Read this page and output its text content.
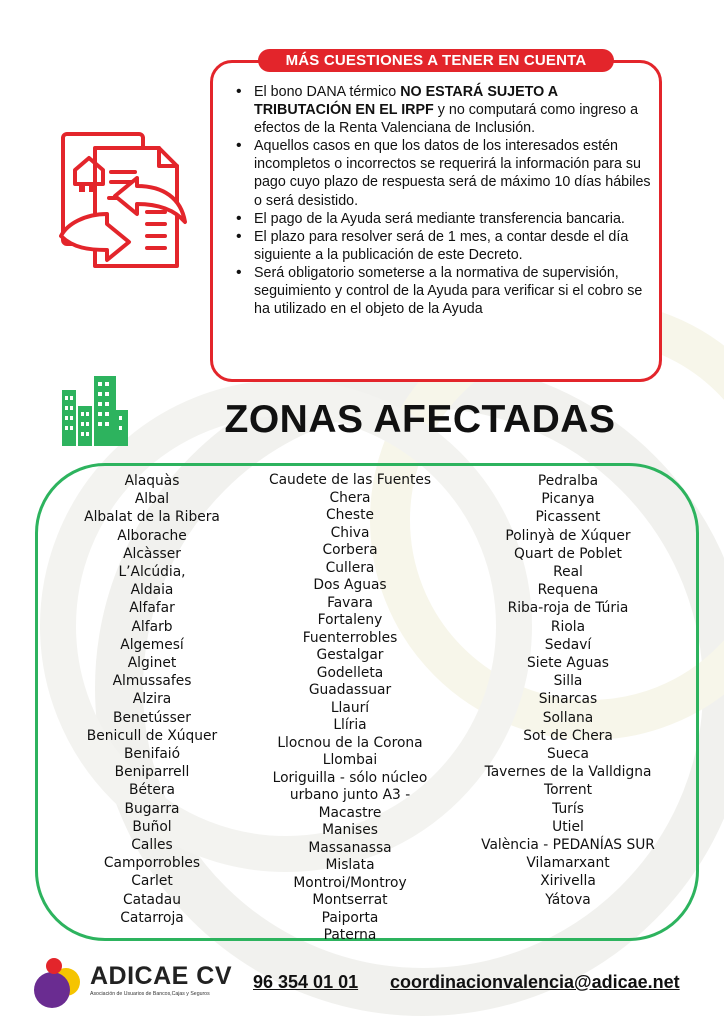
MÁS CUESTIONES A TENER EN CUENTA
• El bono DANA térmico NO ESTARÁ SUJETO A TRIBUTACIÓN EN EL IRPF y no computará como ingreso a efectos de la Renta Valenciana de Inclusión.
• Aquellos casos en que los datos de los interesados estén incompletos o incorrectos se requerirá la información para su pago cuyo plazo de respuesta será de máximo 10 días hábiles o será desistido.
• El pago de la Ayuda será mediante transferencia bancaria.
• El plazo para resolver será de 1 mes, a contar desde el día siguiente a la publicación de este Decreto.
• Será obligatorio someterse a la normativa de supervisión, seguimiento y control de la Ayuda para verificar si el cobro se ha utilizado en el objeto de la Ayuda
ZONAS AFECTADAS
Alaquàs
Albal
Albalat de la Ribera
Alborache
Alcàsser
L’Alcúdia,
Aldaia
Alfafar
Alfarb
Algemesí
Alginet
Almussafes
Alzira
Benetússer
Benicull de Xúquer
Benifaió
Beniparrell
Bétera
Bugarra
Buñol
Calles
Camporrobles
Carlet
Catadau
Catarroja
Caudete de las Fuentes
Chera
Cheste
Chiva
Corbera
Cullera
Dos Aguas
Favara
Fortaleny
Fuenterrobles
Gestalgar
Godelleta
Guadassuar
Llaurí
Llíria
Llocnou de la Corona
Llombai
Loriguilla - sólo núcleo
urbano junto A3 -
Macastre
Manises
Massanassa
Mislata
Montroi/Montroy
Montserrat
Paiporta
Paterna
Pedralba
Picanya
Picassent
Polinyà de Xúquer
Quart de Poblet
Real
Requena
Riba-roja de Túria
Riola
Sedaví
Siete Aguas
Silla
Sinarcas
Sollana
Sot de Chera
Sueca
Tavernes de la Valldigna
Torrent
Turís
Utiel
València - PEDANÍAS SUR
Vilamarxant
Xirivella
Yátova
ADICAE CV
Asociación de Usuarios de Bancos,Cajas y Seguros
96 354 01 01 coordinacionvalencia@adicae.net
